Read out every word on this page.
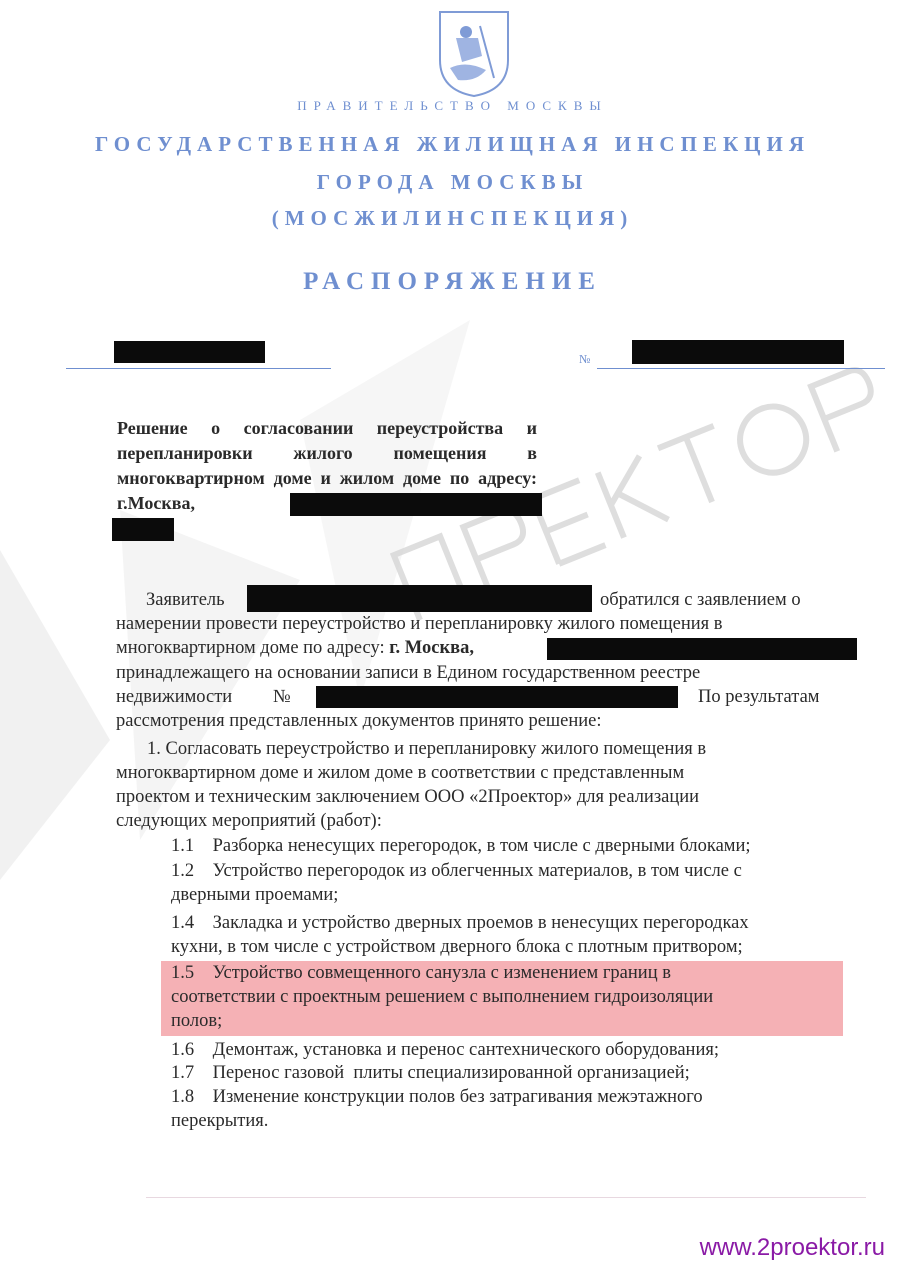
ПРАВИТЕЛЬСТВО МОСКВЫ
ГОСУДАРСТВЕННАЯ ЖИЛИЩНАЯ ИНСПЕКЦИЯ
ГОРОДА МОСКВЫ
(МОСЖИЛИНСПЕКЦИЯ)
РАСПОРЯЖЕНИЕ
№
Решение о согласовании переустройства и перепланировки жилого помещения в многоквартирном доме и жилом доме по адресу: г.Москва,
Заявитель	обратился с заявлением о
намерении провести переустройство и перепланировку жилого помещения в
многоквартирном доме по адресу: г. Москва,
принадлежащего на основании записи в Едином государственном реестре
недвижимости №	По результатам
рассмотрения представленных документов принято решение:
1. Согласовать переустройство и перепланировку жилого помещения в
многоквартирном доме и жилом доме в соответствии с представленным
проектом и техническим заключением ООО «2Проектор» для реализации
следующих мероприятий (работ):
1.1    Разборка ненесущих перегородок, в том числе с дверными блоками;
1.2    Устройство перегородок из облегченных материалов, в том числе с
дверными проемами;
1.4    Закладка и устройство дверных проемов в ненесущих перегородках
кухни, в том числе с устройством дверного блока с плотным притвором;
1.5    Устройство совмещенного санузла с изменением границ в
соответствии с проектным решением с выполнением гидроизоляции
полов;
1.6    Демонтаж, установка и перенос сантехнического оборудования;
1.7    Перенос газовой  плиты специализированной организацией;
1.8    Изменение конструкции полов без затрагивания межэтажного
перекрытия.
www.2proektor.ru
